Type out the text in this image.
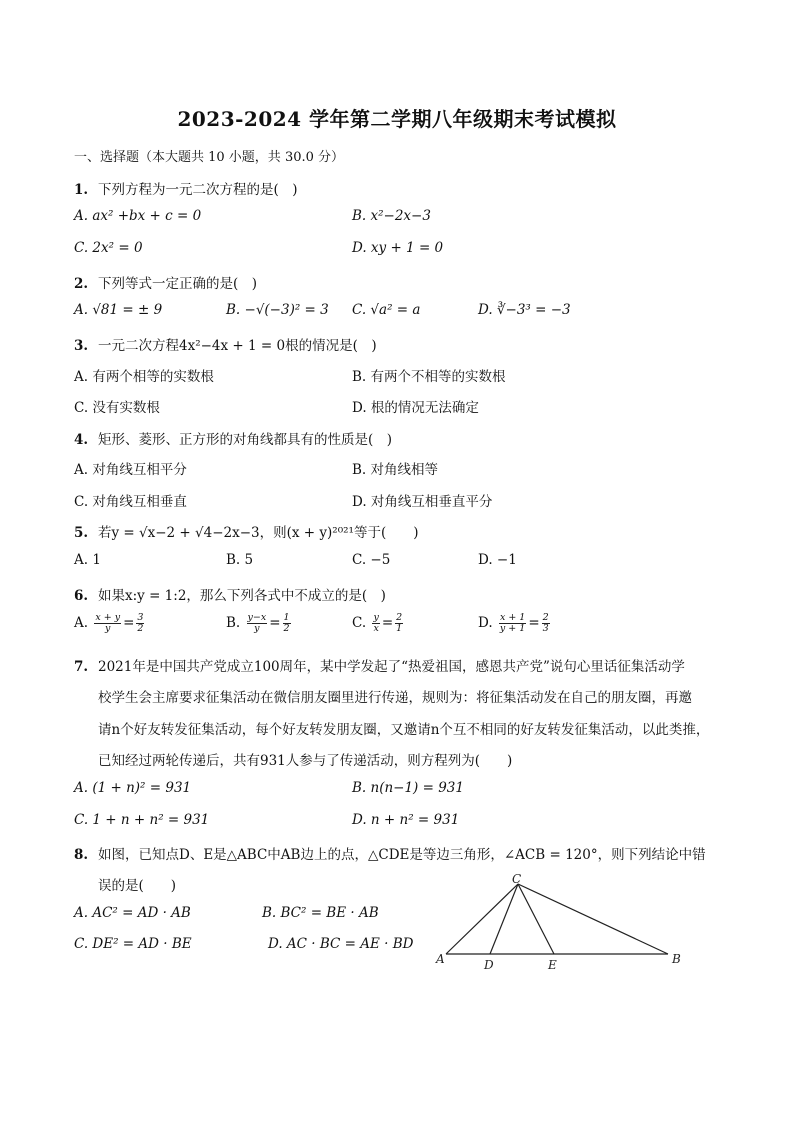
2023-2024 学年第二学期八年级期末考试模拟
一、选择题（本大题共 10 小题，共 30.0 分）
1. 下列方程为一元二次方程的是(　)
A. ax² +bx + c = 0	B. x²−2x−3
C. 2x² = 0	D. xy + 1 = 0
2. 下列等式一定正确的是(　)
A. √81 = ± 9	B. −√(−3)² = 3 C. √a² = a	D. ∛−3³ = −3
3. 一元二次方程4x²−4x + 1 = 0根的情况是(　)
A. 有两个相等的实数根	B. 有两个不相等的实数根
C. 没有实数根	D. 根的情况无法确定
4. 矩形、菱形、正方形的对角线都具有的性质是(　)
A. 对角线互相平分	B. 对角线相等
C. 对角线互相垂直	D. 对角线互相垂直平分
5. 若y = √x−2 + √4−2x−3，则(x + y)²⁰²¹等于(　　)
A. 1	B. 5	C. −5	D. −1
6. 如果x:y = 1:2，那么下列各式中不成立的是(　)
A. $\frac{x + y}{y} = \frac{3}{2}$	B. $\frac{y-x}{y} = \frac{1}{2}$	C. $\frac{y}{x} = \frac{2}{1}$	D. $\frac{x + 1}{y + 1} = \frac{2}{3}$
7. 2021年是中国共产党成立100周年，某中学发起了“热爱祖国，感恩共产党”说句心里话征集活动学
校学生会主席要求征集活动在微信朋友圈里进行传递，规则为：将征集活动发在自己的朋友圈，再邀
请n个好友转发征集活动，每个好友转发朋友圈，又邀请n个互不相同的好友转发征集活动，以此类推，
已知经过两轮传递后，共有931人参与了传递活动，则方程列为(　　)
A. (1 + n)² = 931	B. n(n−1) = 931
C. 1 + n + n² = 931	D. n + n² = 931
8. 如图，已知点D、E是△ABC中AB边上的点，△CDE是等边三角形，∠ACB = 120°，则下列结论中错
误的是(　　)
A. AC² = AD · AB	B. BC² = BE · AB
C. DE² = AD · BE	D. AC · BC = AE · BD
A	B
C
D	E
